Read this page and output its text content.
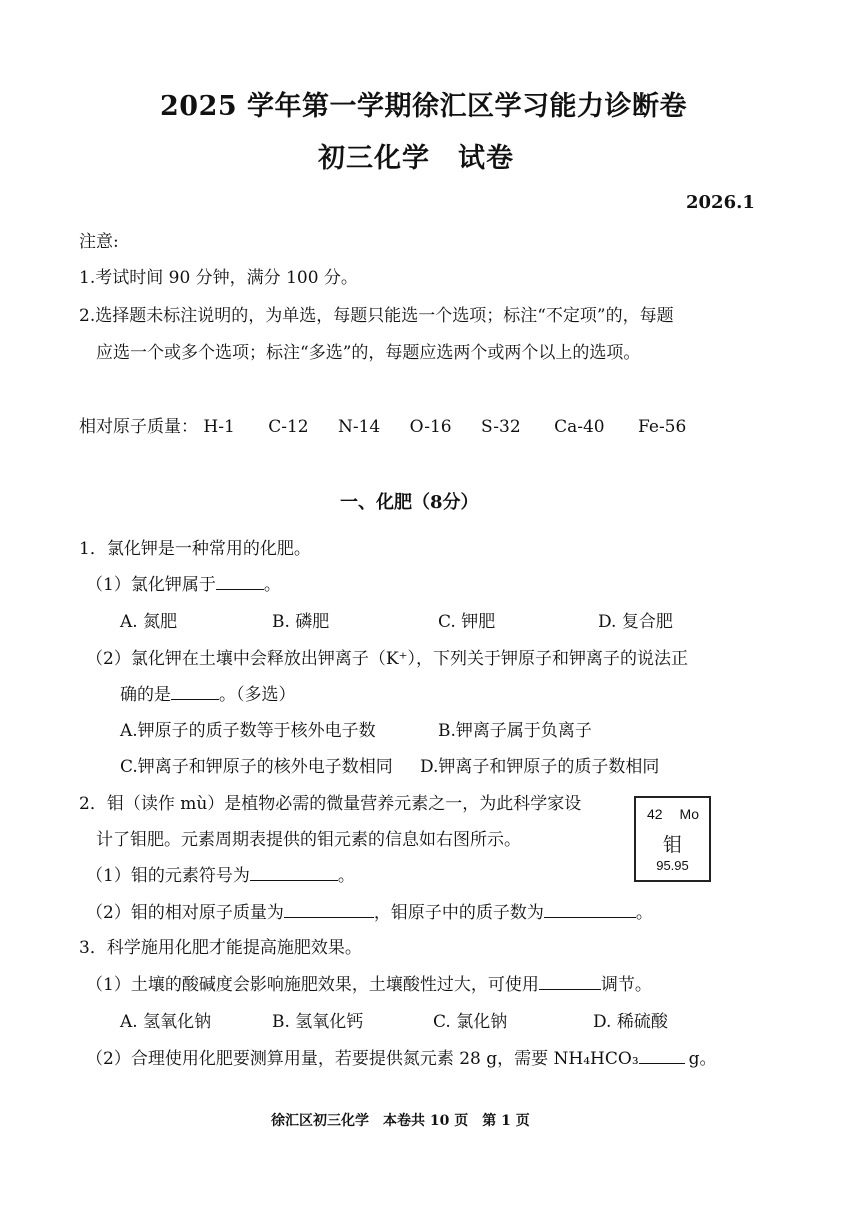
2025 学年第一学期徐汇区学习能力诊断卷
初三化学　试卷
2026.1
注意:
1.考试时间 90 分钟，满分 100 分。
2.选择题未标注说明的，为单选，每题只能选一个选项；标注“不定项”的，每题
应选一个或多个选项；标注“多选”的，每题应选两个或两个以上的选项。
相对原子质量： H-1 C-12 N-14 O-16 S-32 Ca-40 Fe-56
一、化肥（8分）
1．氯化钾是一种常用的化肥。
（1）氯化钾属于	。
A. 氮肥	B. 磷肥	C. 钾肥	D. 复合肥
（2）氯化钾在土壤中会释放出钾离子（K⁺），下列关于钾原子和钾离子的说法正
确的是	。（多选）
A.钾原子的质子数等于核外电子数	B.钾离子属于负离子
C.钾离子和钾原子的核外电子数相同 D.钾离子和钾原子的质子数相同
2．钼（读作 mù）是植物必需的微量营养元素之一，为此科学家设
计了钼肥。元素周期表提供的钼元素的信息如右图所示。
42 Mo
钼
95.95
（1）钼的元素符号为	。
（2）钼的相对原子质量为	，钼原子中的质子数为	。
3．科学施用化肥才能提高施肥效果。
（1）土壤的酸碱度会影响施肥效果，土壤酸性过大，可使用	调节。
A. 氢氧化钠	B. 氢氧化钙	C. 氯化钠	D. 稀硫酸
（2）合理使用化肥要测算用量，若要提供氮元素 28 g，需要 NH₄HCO₃	g。
徐汇区初三化学　本卷共 10 页　第 1 页
